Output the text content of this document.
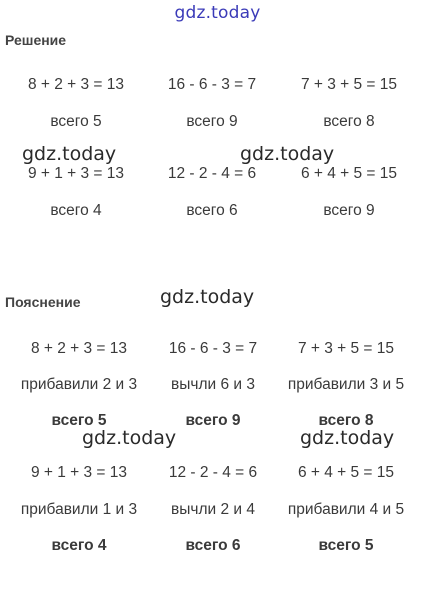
gdz.today
Решение
8 + 2 + 3 = 13	16 - 6 - 3 = 7	7 + 3 + 5 = 15
всего 5	всего 9	всего 8
gdz.today	gdz.today
9 + 1 + 3 = 13	12 - 2 - 4 = 6	6 + 4 + 5 = 15
всего 4	всего 6	всего 9
Пояснение	gdz.today
8 + 2 + 3 = 13	16 - 6 - 3 = 7	7 + 3 + 5 = 15
прибавили 2 и 3	вычли 6 и 3	прибавили 3 и 5
всего 5	всего 9	всего 8
gdz.today	gdz.today
9 + 1 + 3 = 13	12 - 2 - 4 = 6	6 + 4 + 5 = 15
прибавили 1 и 3	вычли 2 и 4	прибавили 4 и 5
всего 4	всего 6	всего 5
